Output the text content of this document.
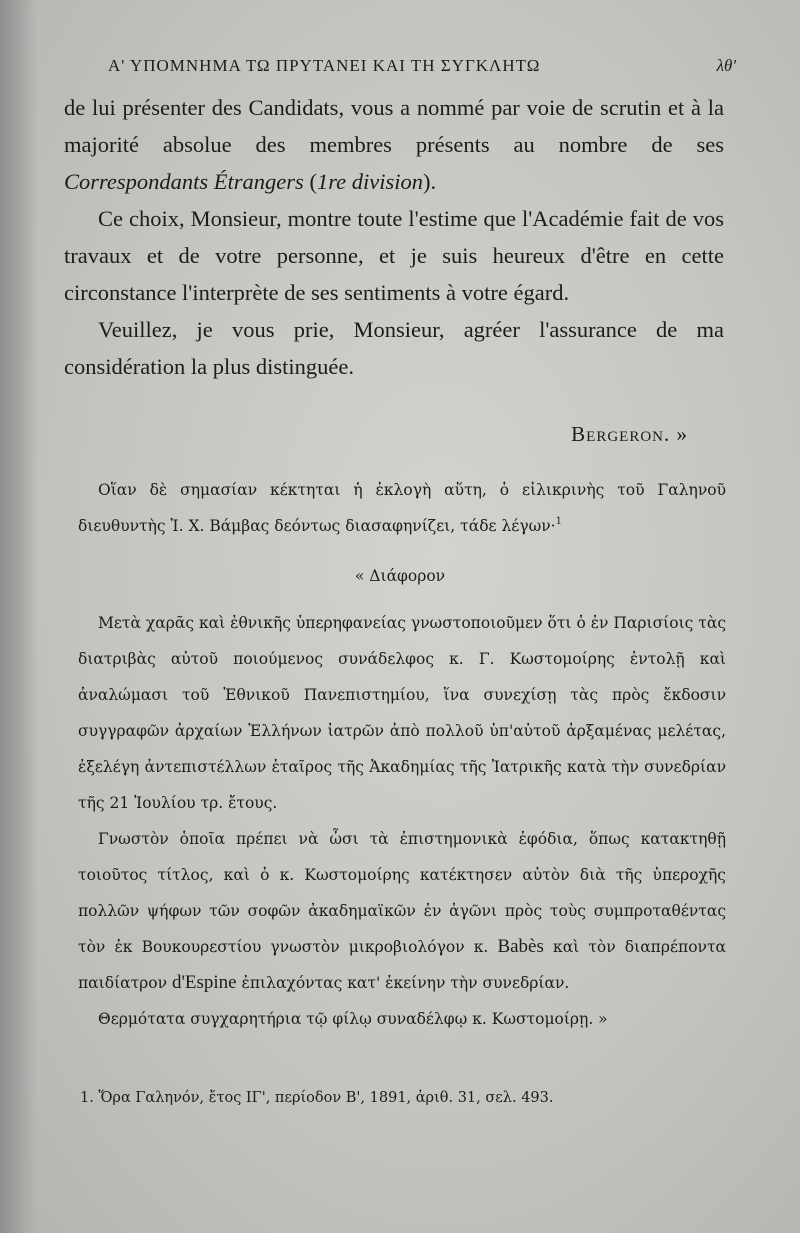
Α' ΥΠΟΜΝΗΜΑ ΤΩ ΠΡΥΤΑΝΕΙ ΚΑΙ ΤΗ ΣΥΓΚΛΗΤΩ	λθ'

de lui présenter des Candidats, vous a nommé par voie de scrutin et à la majorité absolue des membres présents au nombre de ses Correspondants Étrangers (1re division).

Ce choix, Monsieur, montre toute l'estime que l'Académie fait de vos travaux et de votre personne, et je suis heureux d'être en cette circonstance l'interprète de ses sentiments à votre égard.

Veuillez, je vous prie, Monsieur, agréer l'assurance de ma considération la plus distinguée.

Bergeron. »

Οἵαν δὲ σημασίαν κέκτηται ἡ ἐκλογὴ αὕτη, ὁ εἰλικρινὴς τοῦ Γαληνοῦ διευθυντὴς Ἰ. Χ. Βάμβας δεόντως διασαφηνίζει, τάδε λέγων·$^1$

« Διάφορον

Μετὰ χαρᾶς καὶ ἐθνικῆς ὑπερηφανείας γνωστοποιοῦμεν ὅτι ὁ ἐν Παρισίοις τὰς διατριβὰς αὐτοῦ ποιούμενος συνάδελφος κ. Γ. Κωστομοίρης ἐντολῇ καὶ ἀναλώμασι τοῦ Ἐθνικοῦ Πανεπιστημίου, ἵνα συνεχίσῃ τὰς πρὸς ἔκδοσιν συγγραφῶν ἀρχαίων Ἑλλήνων ἰατρῶν ἀπὸ πολλοῦ ὑπ'αὐτοῦ ἀρξαμένας μελέτας, ἐξελέγη ἀντεπιστέλλων ἑταῖρος τῆς Ἀκαδημίας τῆς Ἰατρικῆς κατὰ τὴν συνεδρίαν τῆς 21 Ἰουλίου τρ. ἔτους.

Γνωστὸν ὁποῖα πρέπει νὰ ὦσι τὰ ἐπιστημονικὰ ἐφόδια, ὅπως κατακτηθῇ τοιοῦτος τίτλος, καὶ ὁ κ. Κωστομοίρης κατέκτησεν αὐτὸν διὰ τῆς ὑπεροχῆς πολλῶν ψήφων τῶν σοφῶν ἀκαδημαϊκῶν ἐν ἀγῶνι πρὸς τοὺς συμπροταθέντας τὸν ἐκ Βουκουρεστίου γνωστὸν μικροβιολόγον κ. Babès καὶ τὸν διαπρέποντα παιδίατρον d'Espine ἐπιλαχόντας κατ' ἐκείνην τὴν συνεδρίαν.

Θερμότατα συγχαρητήρια τῷ φίλῳ συναδέλφῳ κ. Κωστομοίρῃ. »

1. Ὅρα Γαληνόν, ἔτος ΙΓ', περίοδον Β', 1891, ἀριθ. 31, σελ. 493.
